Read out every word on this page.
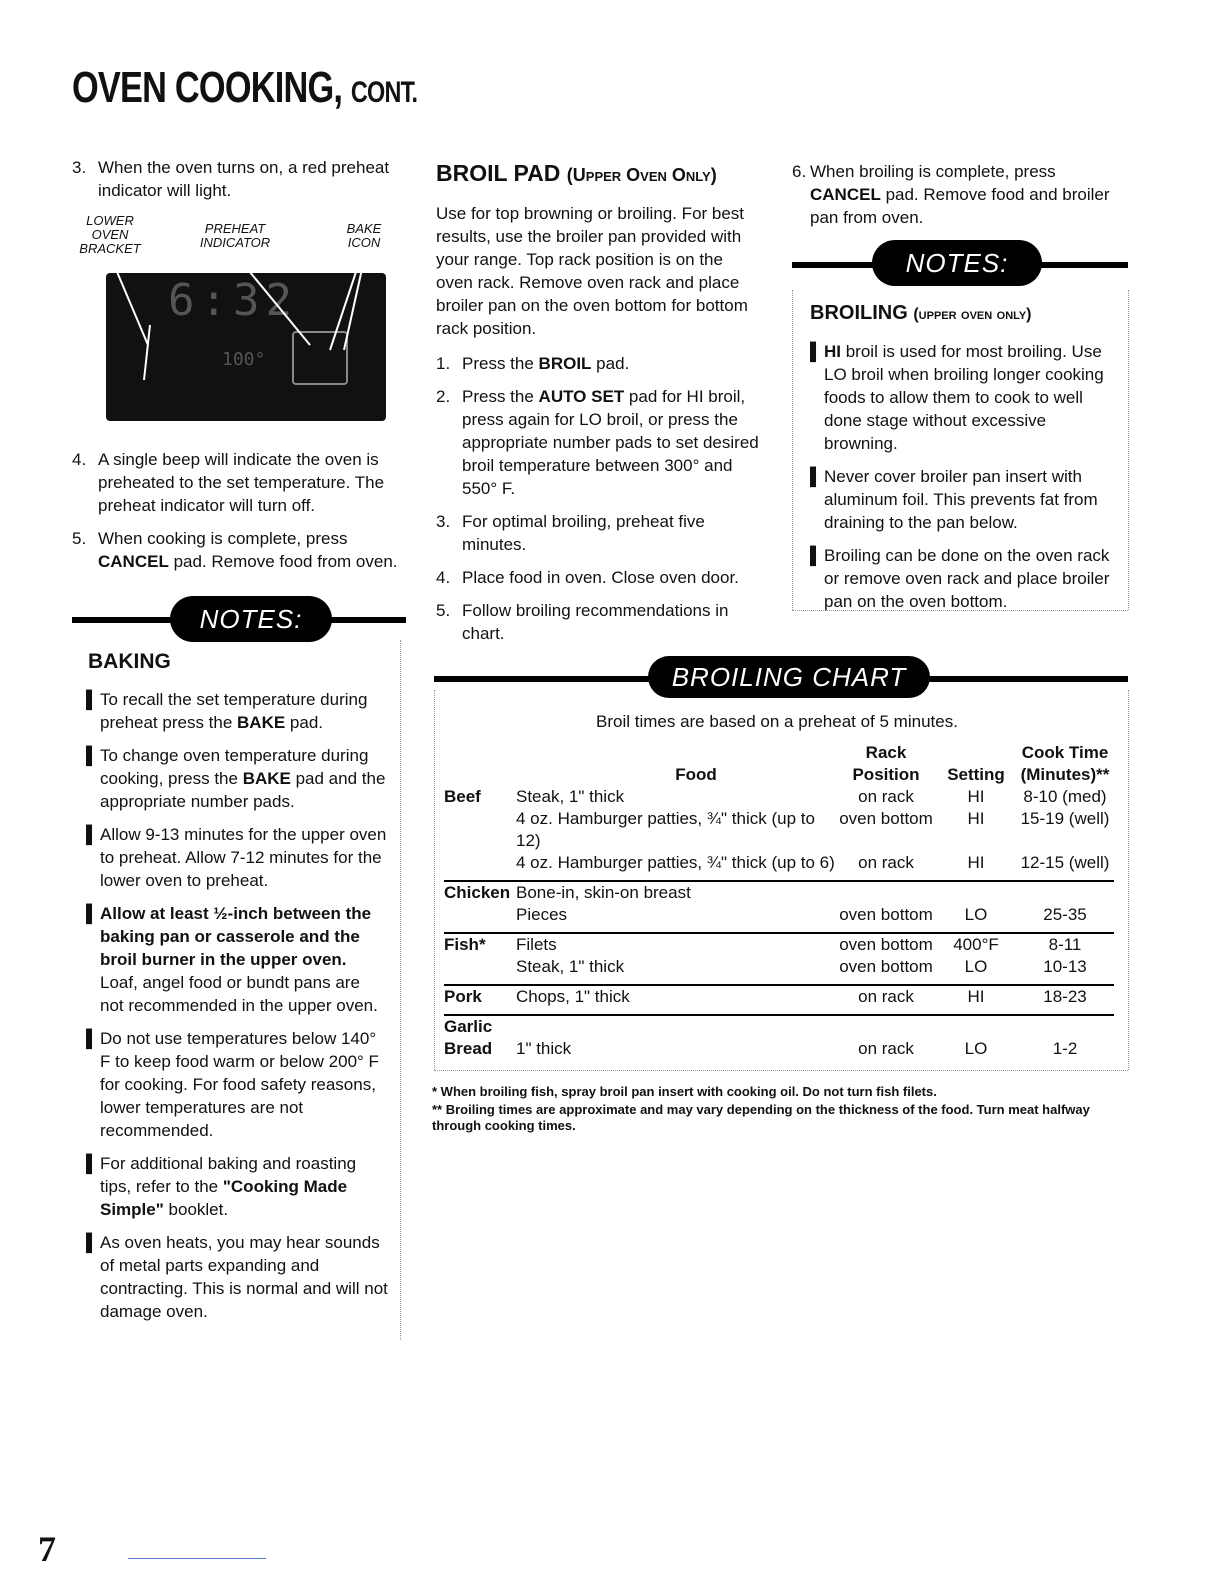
OVEN COOKING, CONT.
3. When the oven turns on, a red preheat indicator will light.
LOWER OVEN BRACKET
PREHEAT INDICATOR
BAKE ICON
6:32
100°
4. A single beep will indicate the oven is preheated to the set temperature. The preheat indicator will turn off.
5. When cooking is complete, press CANCEL pad. Remove food from oven.
NOTES:
BAKING
▌ To recall the set temperature during preheat press the BAKE pad.
▌ To change oven temperature during cooking, press the BAKE pad and the appropriate number pads.
▌ Allow 9-13 minutes for the upper oven to preheat. Allow 7-12 minutes for the lower oven to preheat.
▌ Allow at least ½-inch between the baking pan or casserole and the broil burner in the upper oven. Loaf, angel food or bundt pans are not recommended in the upper oven.
▌ Do not use temperatures below 140° F to keep food warm or below 200° F for cooking. For food safety reasons, lower temperatures are not recommended.
▌ For additional baking and roasting tips, refer to the "Cooking Made Simple" booklet.
▌ As oven heats, you may hear sounds of metal parts expanding and contracting. This is normal and will not damage oven.
BROIL PAD (Upper Oven Only)

Use for top browning or broiling. For best results, use the broiler pan provided with your range. Top rack position is on the oven rack. Remove oven rack and place broiler pan on the oven bottom for bottom rack position.

1. Press the BROIL pad.
2. Press the AUTO SET pad for HI broil, press again for LO broil, or press the appropriate number pads to set desired broil temperature between 300° and 550° F.
3. For optimal broiling, preheat five minutes.
4. Place food in oven. Close oven door.
5. Follow broiling recommendations in chart.
6. When broiling is complete, press CANCEL pad. Remove food and broiler pan from oven.
NOTES:
BROILING (upper oven only)
▌ HI broil is used for most broiling. Use LO broil when broiling longer cooking foods to allow them to cook to well done stage without excessive browning.
▌ Never cover broiler pan insert with aluminum foil. This prevents fat from draining to the pan below.
▌ Broiling can be done on the oven rack or remove oven rack and place broiler pan on the oven bottom.
BROILING CHART
Broil times are based on a preheat of 5 minutes.
	Food	Rack Position	Setting	Cook Time (Minutes)**
Beef	Steak, 1" thick	on rack	HI	8-10 (med)
	4 oz. Hamburger patties, ¾" thick (up to 12)	oven bottom	HI	15-19 (well)
	4 oz. Hamburger patties, ¾" thick (up to 6)	on rack	HI	12-15 (well)
Chicken	Bone-in, skin-on breast			
	Pieces	oven bottom	LO	25-35
Fish*	Filets	oven bottom	400°F	8-11
	Steak, 1" thick	oven bottom	LO	10-13
Pork	Chops, 1" thick	on rack	HI	18-23
Garlic				
Bread	1" thick	on rack	LO	1-2
* When broiling fish, spray broil pan insert with cooking oil. Do not turn fish filets.
** Broiling times are approximate and may vary depending on the thickness of the food. Turn meat halfway through cooking times.
7
